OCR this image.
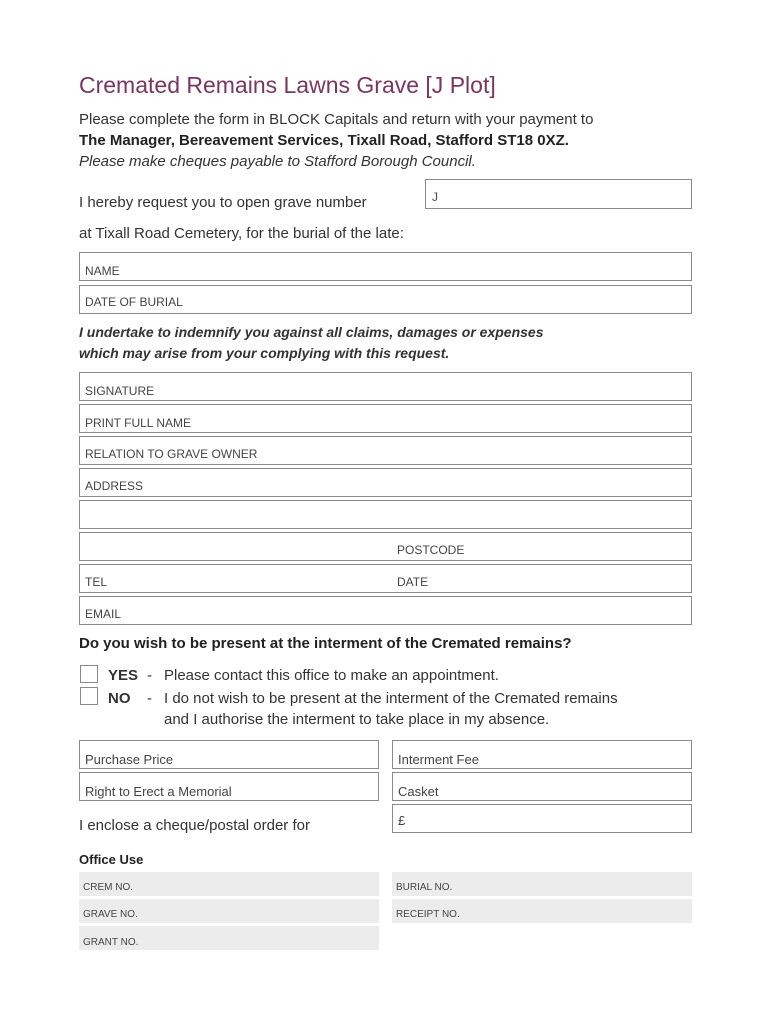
Cremated Remains Lawns Grave [J Plot]
Please complete the form in BLOCK Capitals and return with your payment to
The Manager, Bereavement Services, Tixall Road, Stafford ST18 0XZ.
Please make cheques payable to Stafford Borough Council.
I hereby request you to open grave number	J
at Tixall Road Cemetery, for the burial of the late:
NAME
DATE OF BURIAL
I undertake to indemnify you against all claims, damages or expenses
which may arise from your complying with this request.
SIGNATURE
PRINT FULL NAME
RELATION TO GRAVE OWNER
ADDRESS
POSTCODE
TEL	DATE
EMAIL
Do you wish to be present at the interment of the Cremated remains?
YES - Please contact this office to make an appointment.
NO - I do not wish to be present at the interment of the Cremated remains
and I authorise the interment to take place in my absence.
Purchase Price	Interment Fee
Right to Erect a Memorial	Casket
I enclose a cheque/postal order for	£
Office Use
CREM NO.	BURIAL NO.
GRAVE NO.	RECEIPT NO.
GRANT NO.
